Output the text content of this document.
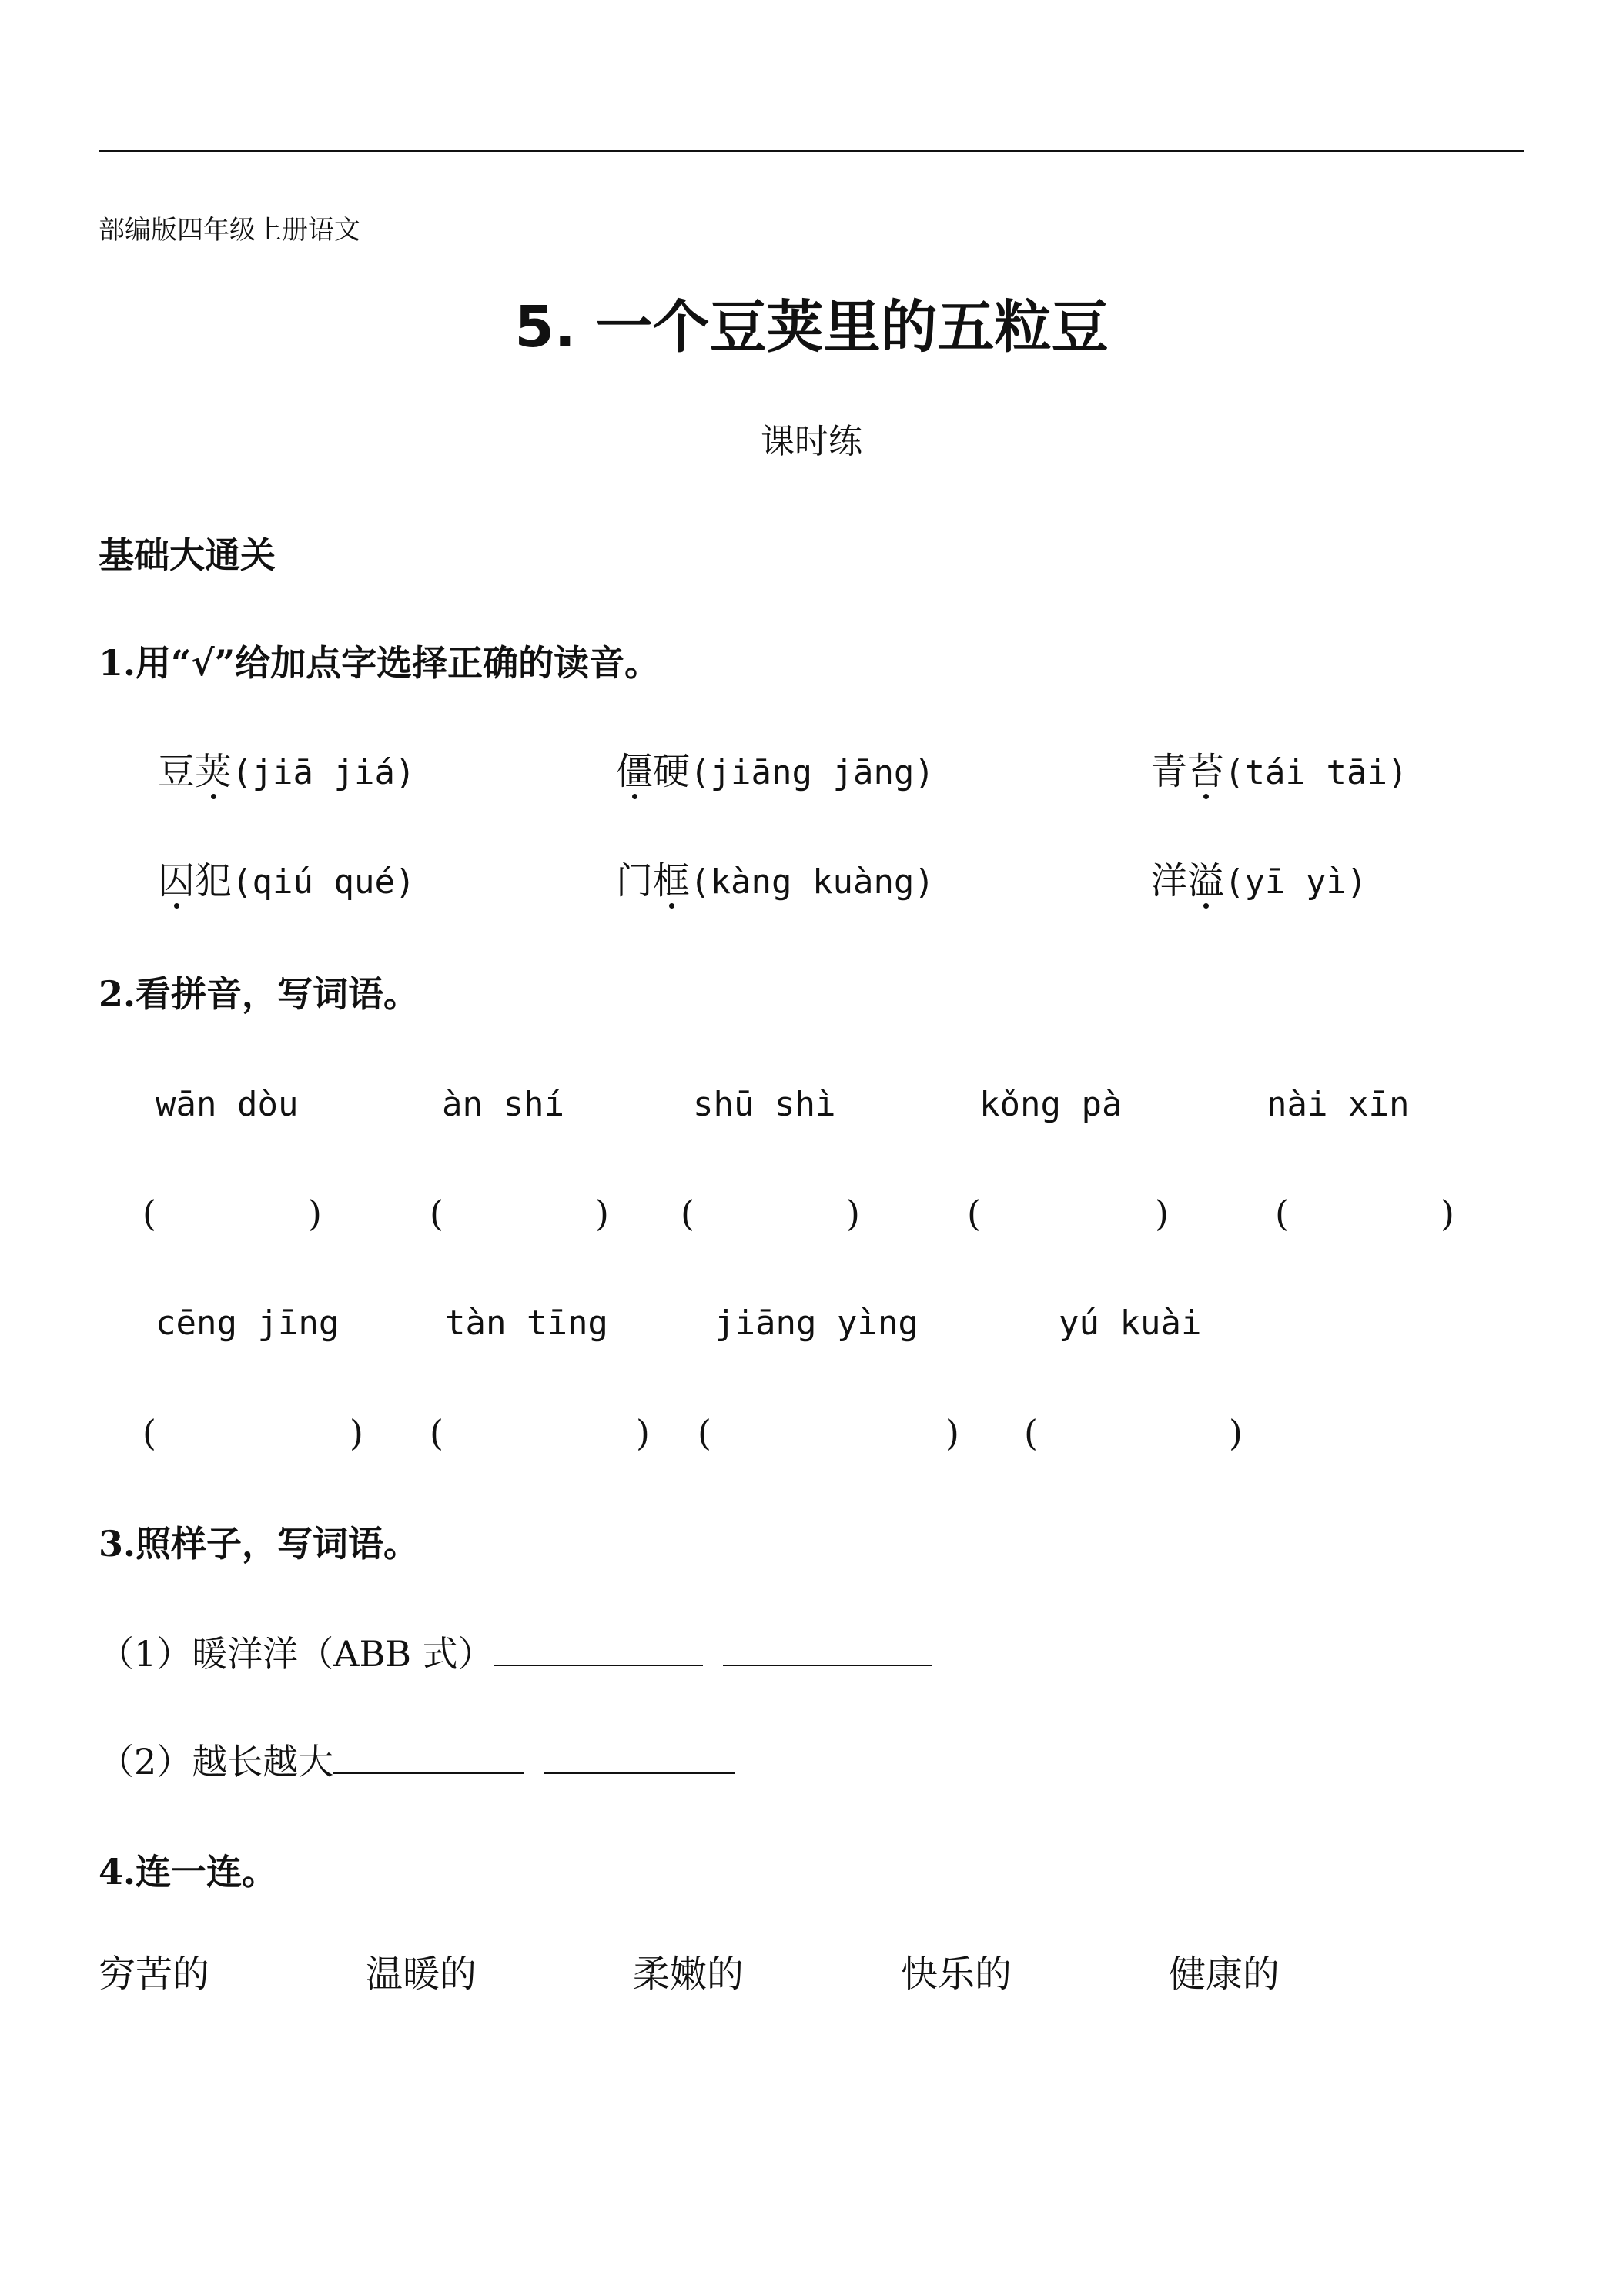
部编版四年级上册语文
5. 一个豆荚里的五粒豆
课时练
基础大通关
1.用“√”给加点字选择正确的读音。
豆荚(jiā jiá)	僵硬(jiāng jāng)	青苔(tái tāi)
囚犯(qiú qué)	门框(kàng kuàng)	洋溢(yī yì)
2.看拼音，写词语。
wān dòu	àn shí	shū shì	kǒng pà	nài xīn
(	)	(	) (	)	(	)	(	)
cēng jīng	tàn tīng	jiāng yìng	yú kuài
(	) (	) (	) (	)
3.照样子，写词语。
（1）暖洋洋（ABB 式）
（2）越长越大
4.连一连。
穷苦的	温暖的	柔嫩的	快乐的	健康的
